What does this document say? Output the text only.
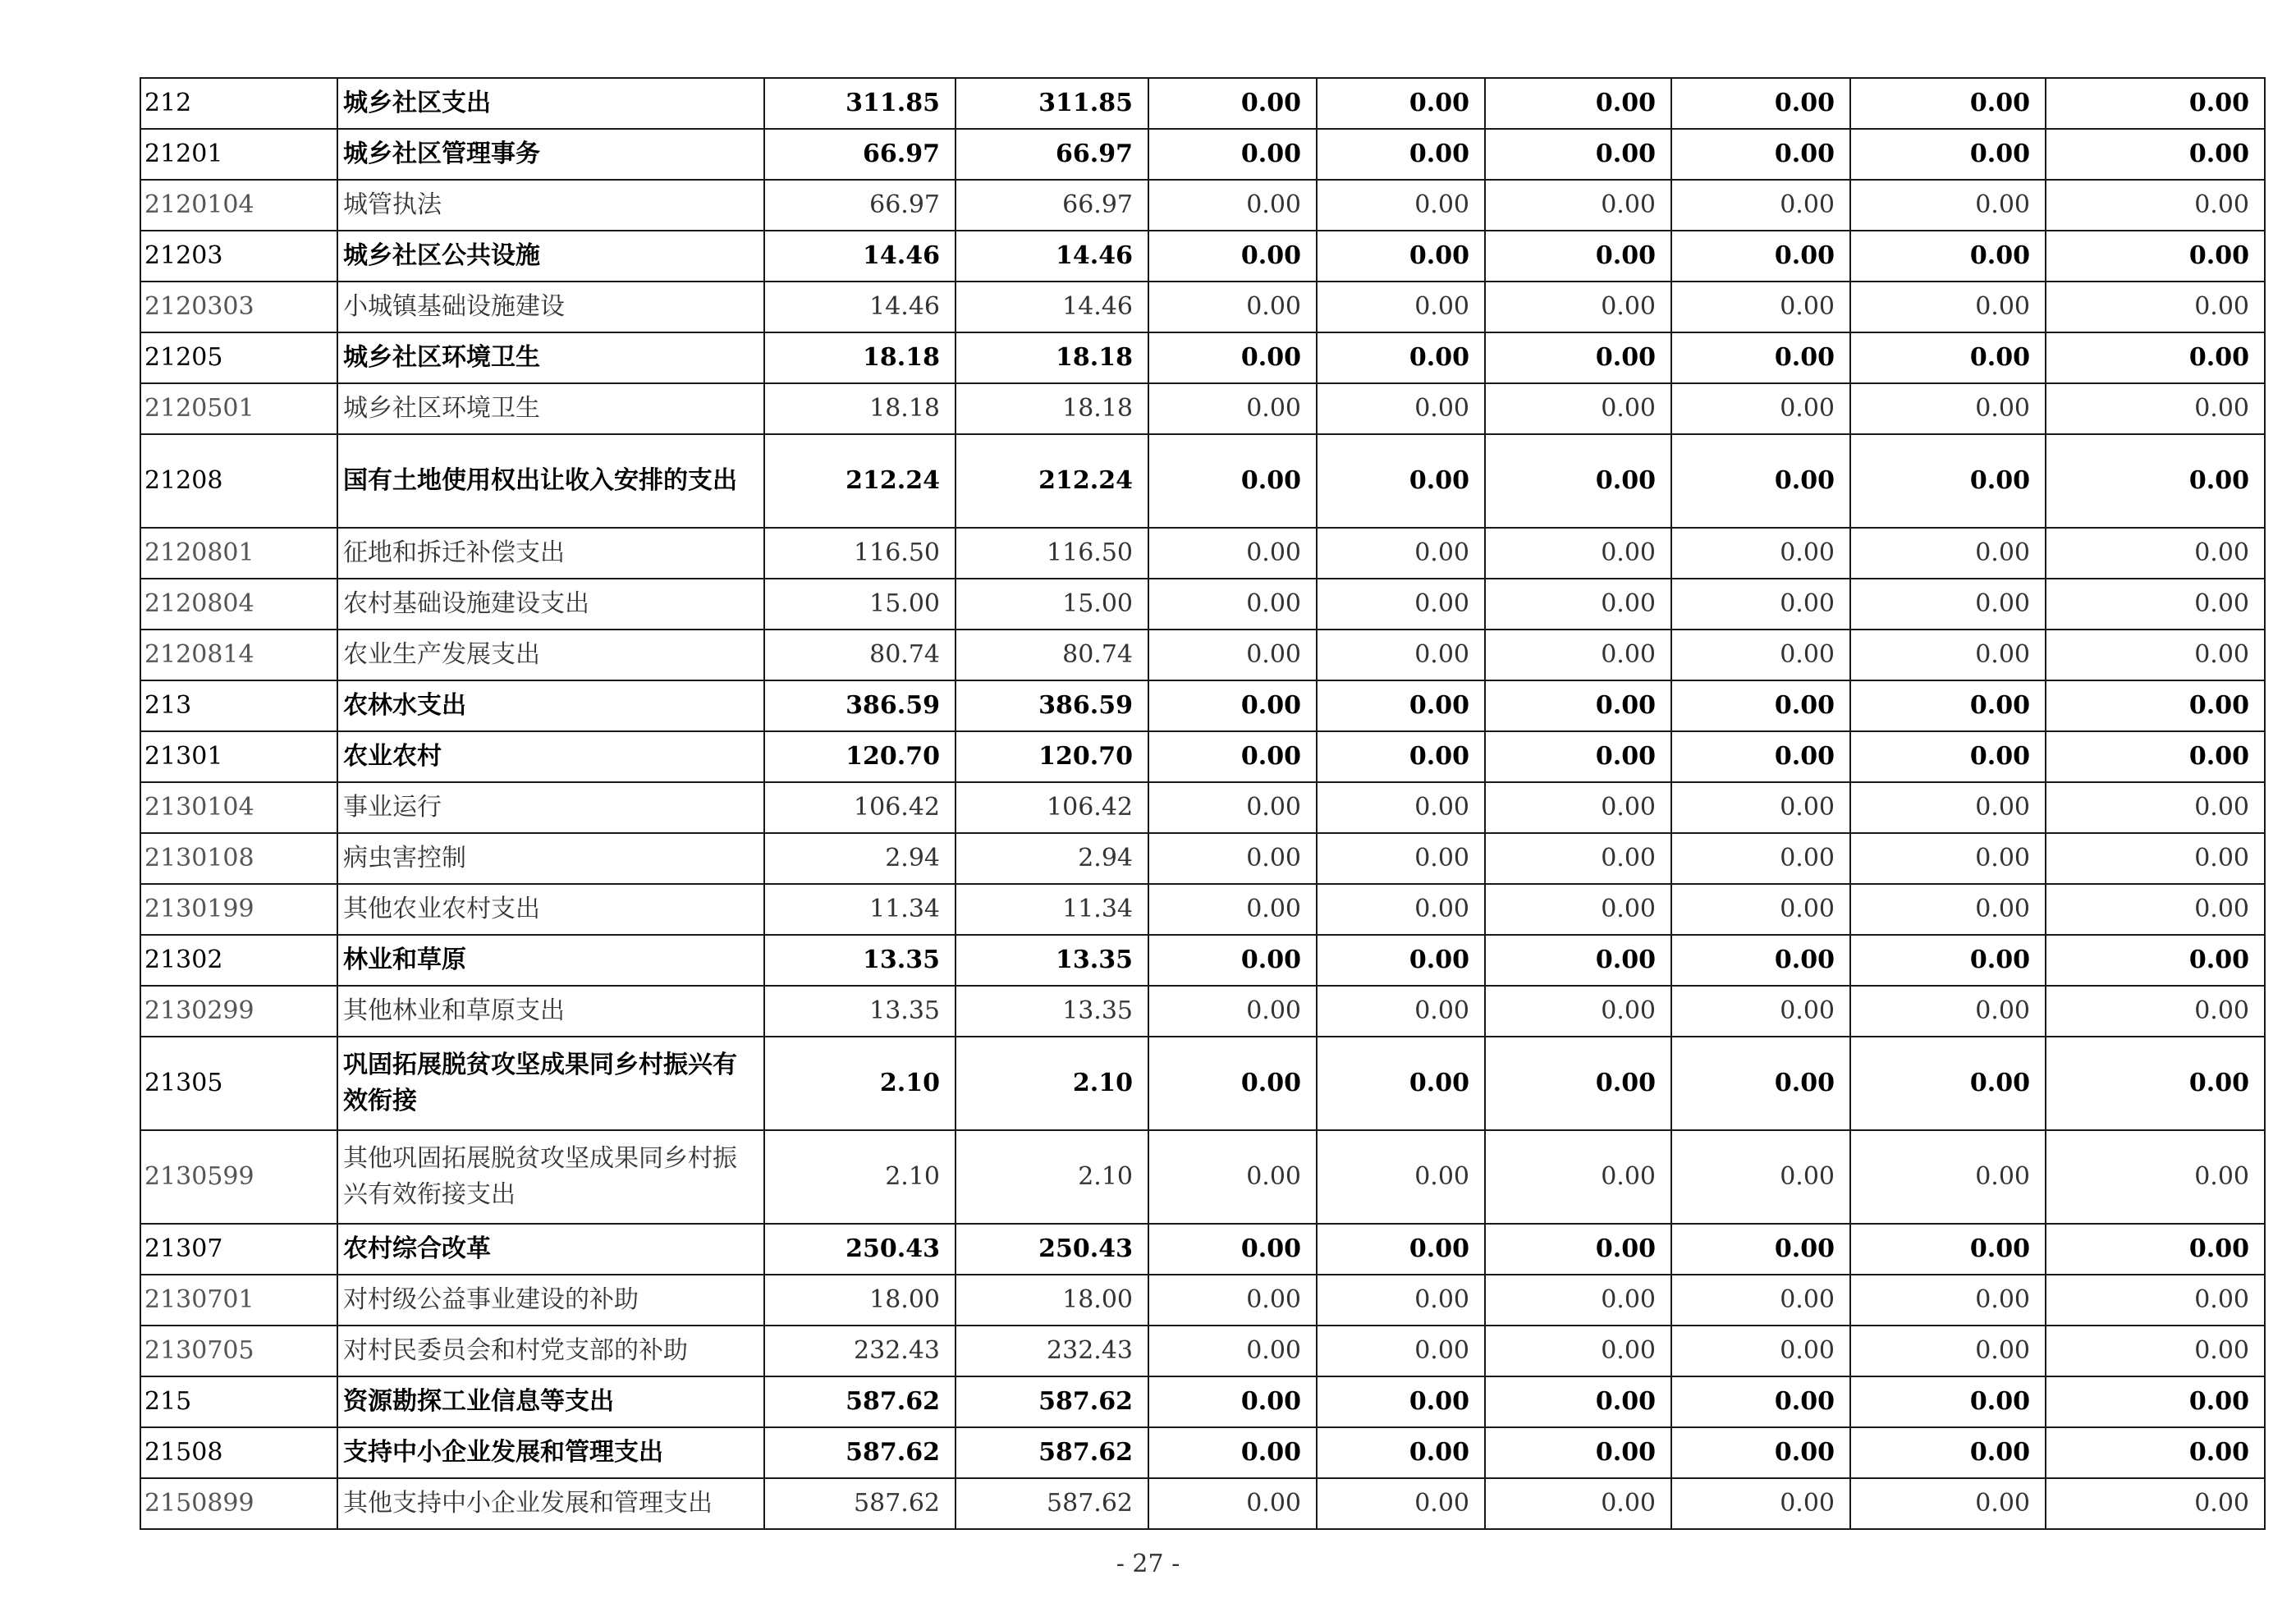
212	城乡社区支出	311.85	311.85	0.00	0.00	0.00	0.00	0.00	0.00
21201	城乡社区管理事务	66.97	66.97	0.00	0.00	0.00	0.00	0.00	0.00
2120104	城管执法	66.97	66.97	0.00	0.00	0.00	0.00	0.00	0.00
21203	城乡社区公共设施	14.46	14.46	0.00	0.00	0.00	0.00	0.00	0.00
2120303	小城镇基础设施建设	14.46	14.46	0.00	0.00	0.00	0.00	0.00	0.00
21205	城乡社区环境卫生	18.18	18.18	0.00	0.00	0.00	0.00	0.00	0.00
2120501	城乡社区环境卫生	18.18	18.18	0.00	0.00	0.00	0.00	0.00	0.00
21208	国有土地使用权出让收入安排的支出	212.24	212.24	0.00	0.00	0.00	0.00	0.00	0.00
2120801	征地和拆迁补偿支出	116.50	116.50	0.00	0.00	0.00	0.00	0.00	0.00
2120804	农村基础设施建设支出	15.00	15.00	0.00	0.00	0.00	0.00	0.00	0.00
2120814	农业生产发展支出	80.74	80.74	0.00	0.00	0.00	0.00	0.00	0.00
213	农林水支出	386.59	386.59	0.00	0.00	0.00	0.00	0.00	0.00
21301	农业农村	120.70	120.70	0.00	0.00	0.00	0.00	0.00	0.00
2130104	事业运行	106.42	106.42	0.00	0.00	0.00	0.00	0.00	0.00
2130108	病虫害控制	2.94	2.94	0.00	0.00	0.00	0.00	0.00	0.00
2130199	其他农业农村支出	11.34	11.34	0.00	0.00	0.00	0.00	0.00	0.00
21302	林业和草原	13.35	13.35	0.00	0.00	0.00	0.00	0.00	0.00
2130299	其他林业和草原支出	13.35	13.35	0.00	0.00	0.00	0.00	0.00	0.00
21305	巩固拓展脱贫攻坚成果同乡村振兴有效衔接	2.10	2.10	0.00	0.00	0.00	0.00	0.00	0.00
2130599	其他巩固拓展脱贫攻坚成果同乡村振兴有效衔接支出	2.10	2.10	0.00	0.00	0.00	0.00	0.00	0.00
21307	农村综合改革	250.43	250.43	0.00	0.00	0.00	0.00	0.00	0.00
2130701	对村级公益事业建设的补助	18.00	18.00	0.00	0.00	0.00	0.00	0.00	0.00
2130705	对村民委员会和村党支部的补助	232.43	232.43	0.00	0.00	0.00	0.00	0.00	0.00
215	资源勘探工业信息等支出	587.62	587.62	0.00	0.00	0.00	0.00	0.00	0.00
21508	支持中小企业发展和管理支出	587.62	587.62	0.00	0.00	0.00	0.00	0.00	0.00
2150899	其他支持中小企业发展和管理支出	587.62	587.62	0.00	0.00	0.00	0.00	0.00	0.00
- 27 -
